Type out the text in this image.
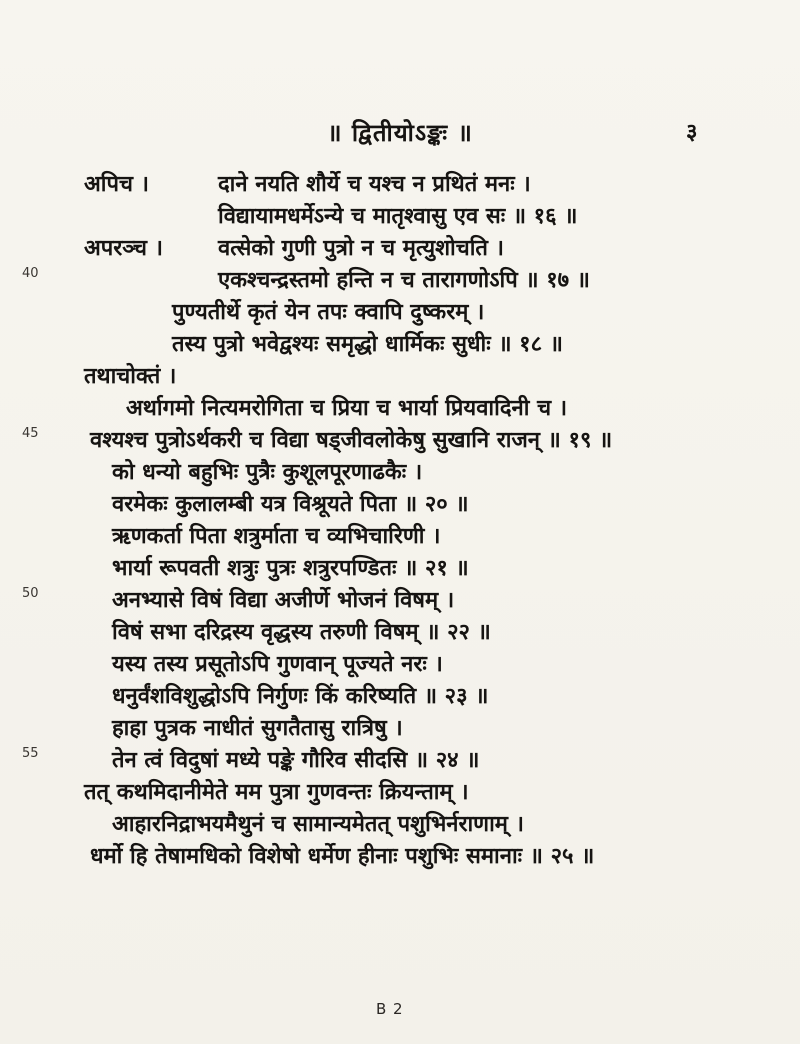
॥ द्वितीयोऽङ्कः ॥	३
अपिच ।	दाने नयति शौर्ये च यश्च न प्रथितं मनः ।
विद्यायामधर्मेऽन्ये च मातृश्वासु एव सः ॥ १६ ॥
अपरञ्च ।	वत्सेको गुणी पुत्रो न च मृत्युशोचति ।
40	एकश्चन्द्रस्तमो हन्ति न च तारागणोऽपि ॥ १७ ॥
पुण्यतीर्थे कृतं येन तपः क्वापि दुष्करम् ।
तस्य पुत्रो भवेद्वश्यः समृद्धो धार्मिकः सुधीः ॥ १८ ॥
तथाचोक्तं ।
अर्थागमो नित्यमरोगिता च प्रिया च भार्या प्रियवादिनी च ।
45 वश्यश्च पुत्रोऽर्थकरी च विद्या षड्जीवलोकेषु सुखानि राजन् ॥ १९ ॥
को धन्यो बहुभिः पुत्रैः कुशूलपूरणाढकैः ।
वरमेकः कुलालम्बी यत्र विश्रूयते पिता ॥ २० ॥
ऋणकर्ता पिता शत्रुर्माता च व्यभिचारिणी ।
भार्या रूपवती शत्रुः पुत्रः शत्रुरपण्डितः ॥ २१ ॥
50	अनभ्यासे विषं विद्या अजीर्णे भोजनं विषम् ।
विषं सभा दरिद्रस्य वृद्धस्य तरुणी विषम् ॥ २२ ॥
यस्य तस्य प्रसूतोऽपि गुणवान् पूज्यते नरः ।
धनुर्वंशविशुद्धोऽपि निर्गुणः किं करिष्यति ॥ २३ ॥
हाहा पुत्रक नाधीतं सुगतैतासु रात्रिषु ।
55	तेन त्वं विदुषां मध्ये पङ्के गौरिव सीदसि ॥ २४ ॥
तत् कथमिदानीमेते मम पुत्रा गुणवन्तः क्रियन्ताम् ।
आहारनिद्राभयमैथुनं च सामान्यमेतत् पशुभिर्नराणाम् ।
धर्मो हि तेषामधिको विशेषो धर्मेण हीनाः पशुभिः समानाः ॥ २५ ॥
B 2
